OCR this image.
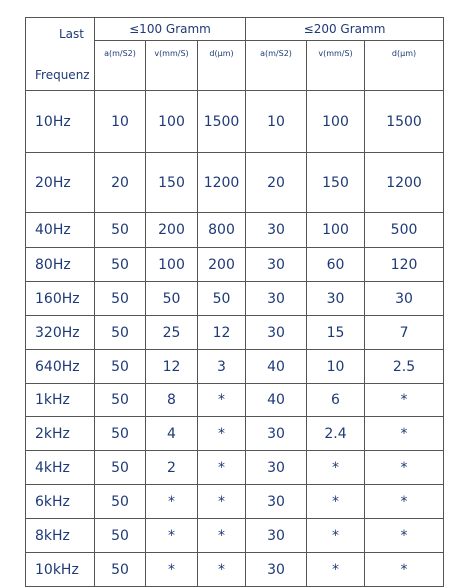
Last
Frequenz	≤100 Gramm			≤200 Gramm		
	a(m/S2)	v(mm/S)	d(μm)	a(m/S2)	v(mm/S)	d(μm)
10Hz	10	100	1500	10	100	1500
20Hz	20	150	1200	20	150	1200
40Hz	50	200	800	30	100	500
80Hz	50	100	200	30	60	120
160Hz	50	50	50	30	30	30
320Hz	50	25	12	30	15	7
640Hz	50	12	3	40	10	2.5
1kHz	50	8	*	40	6	*
2kHz	50	4	*	30	2.4	*
4kHz	50	2	*	30	*	*
6kHz	50	*	*	30	*	*
8kHz	50	*	*	30	*	*
10kHz	50	*	*	30	*	*
